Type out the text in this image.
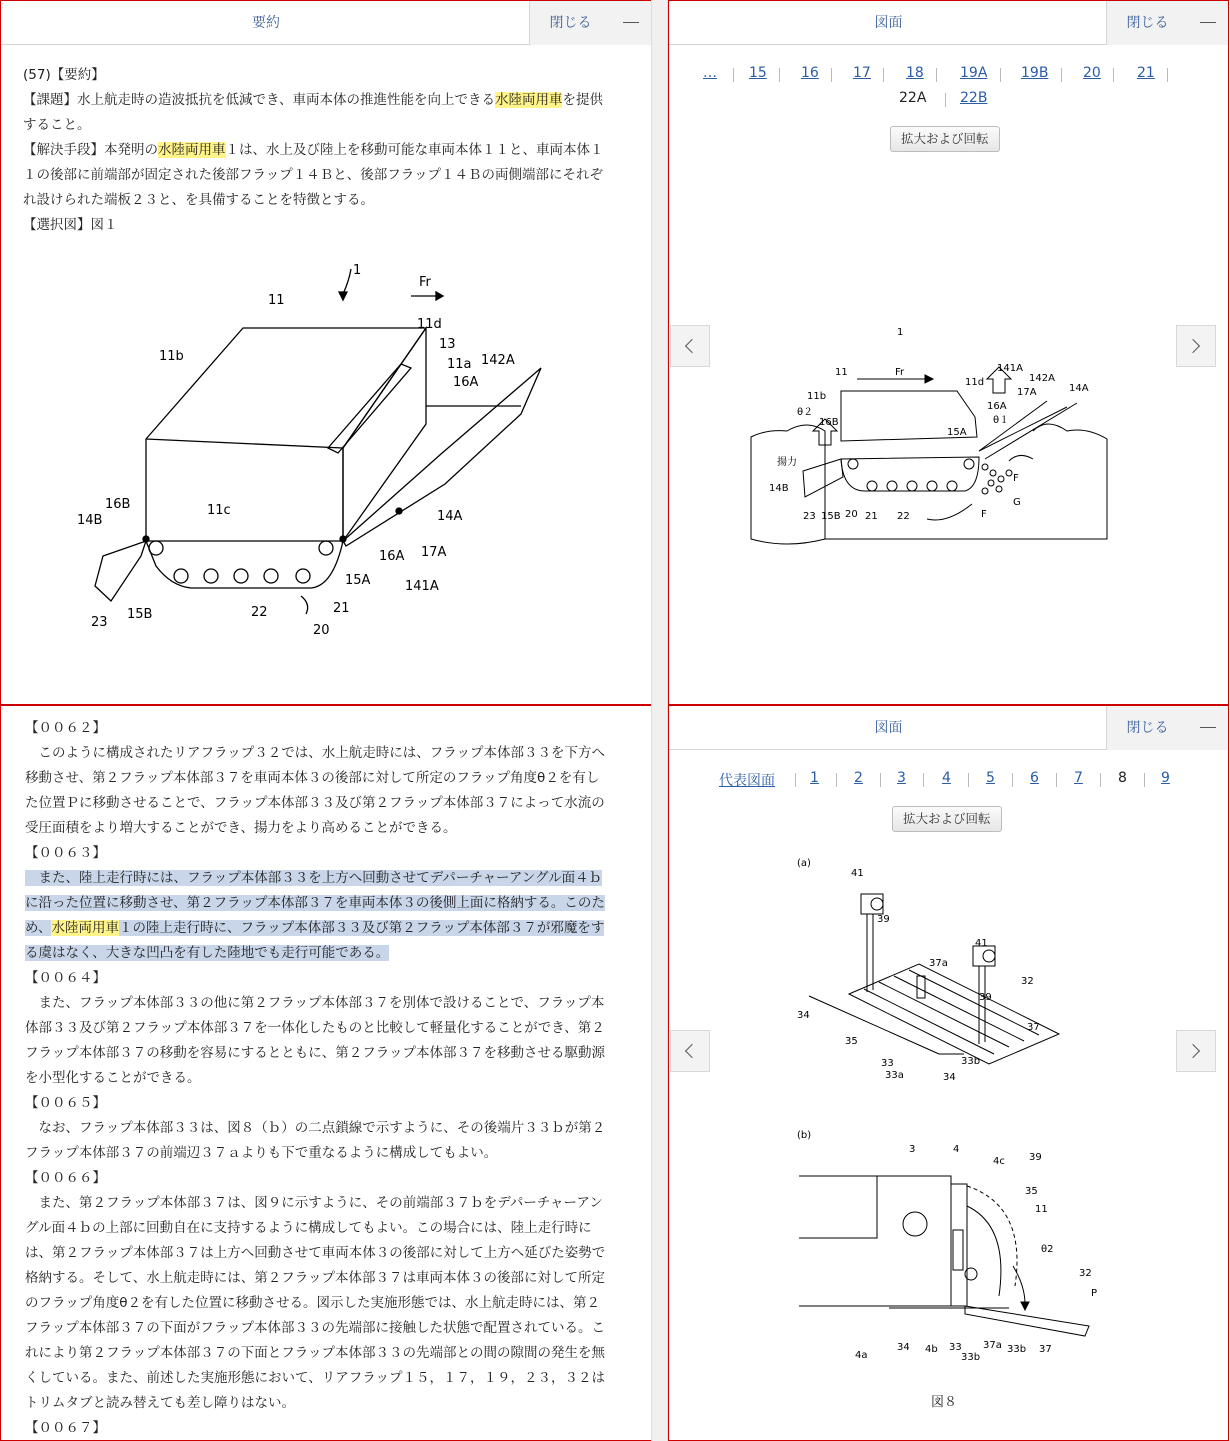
要約	閉じる

(57)【要約】

【課題】水上航走時の造波抵抗を低減でき、車両本体の推進性能を向上できる水陸両用車を提供

すること。

【解決手段】本発明の水陸両用車１は、水上及び陸上を移動可能な車両本体１１と、車両本体１

１の後部に前端部が固定された後部フラップ１４Ｂと、後部フラップ１４Ｂの両側端部にそれぞ

れ設けられた端板２３と、を具備することを特徴とする。

【選択図】図１

1
Fr
11
11d
13
11b
11a
16A
142A
11c
16B
14B	14A
16A 17A
15A	141A
23
15B	22	21
20
図面	閉じる
… 15 16 17	18	19A 19B 20	21
22A 22B
拡大および回転
1
11	Fr
11d
141A
142A
14A
17A
11b
θ２
16A
θ１
16B
15A
揚力
14B
F
G
23 15B 20 21 22	F

【００６２】

　このように構成されたリアフラップ３２では、水上航走時には、フラップ本体部３３を下方へ

移動させ、第２フラップ本体部３７を車両本体３の後部に対して所定のフラップ角度θ２を有し

た位置Ｐに移動させることで、フラップ本体部３３及び第２フラップ本体部３７によって水流の

受圧面積をより増大することができ、揚力をより高めることができる。

【００６３】

　また、陸上走行時には、フラップ本体部３３を上方へ回動させてデパーチャーアングル面４ｂ

に沿った位置に移動させ、第２フラップ本体部３７を車両本体３の後側上面に格納する。このた

め、水陸両用車１の陸上走行時に、フラップ本体部３３及び第２フラップ本体部３７が邪魔をす

る虞はなく、大きな凹凸を有した陸地でも走行可能である。

【００６４】

　また、フラップ本体部３３の他に第２フラップ本体部３７を別体で設けることで、フラップ本

体部３３及び第２フラップ本体部３７を一体化したものと比較して軽量化することができ、第２

フラップ本体部３７の移動を容易にするとともに、第２フラップ本体部３７を移動させる駆動源

を小型化することができる。

【００６５】

　なお、フラップ本体部３３は、図８（ｂ）の二点鎖線で示すように、その後端片３３ｂが第２

フラップ本体部３７の前端辺３７ａよりも下で重なるように構成してもよい。

【００６６】

　また、第２フラップ本体部３７は、図９に示すように、その前端部３７ｂをデパーチャーアン

グル面４ｂの上部に回動自在に支持するように構成してもよい。この場合には、陸上走行時に

は、第２フラップ本体部３７は上方へ回動させて車両本体３の後部に対して上方へ延びた姿勢で

格納する。そして、水上航走時には、第２フラップ本体部３７は車両本体３の後部に対して所定

のフラップ角度θ２を有した位置に移動させる。図示した実施形態では、水上航走時には、第２

フラップ本体部３７の下面がフラップ本体部３３の先端部に接触した状態で配置されている。こ

れにより第２フラップ本体部３７の下面とフラップ本体部３３の先端部との間の隙間の発生を無

くしている。また、前述した実施形態において、リアフラップ１５，１７，１９，２３，３２は

トリムタブと読み替えても差し障りはない。

【００６７】

図面	閉じる
代表図面	1	2 3	4	5	6	7	8 9
拡大および回転
(a)
41
39
41
37a
32
39
34
37
35
33	33b
33a	34
(b)
3	4
39
4c
35
11
θ2
32
P
4a
34 4b 33
33b
37a 33b 37
図８
